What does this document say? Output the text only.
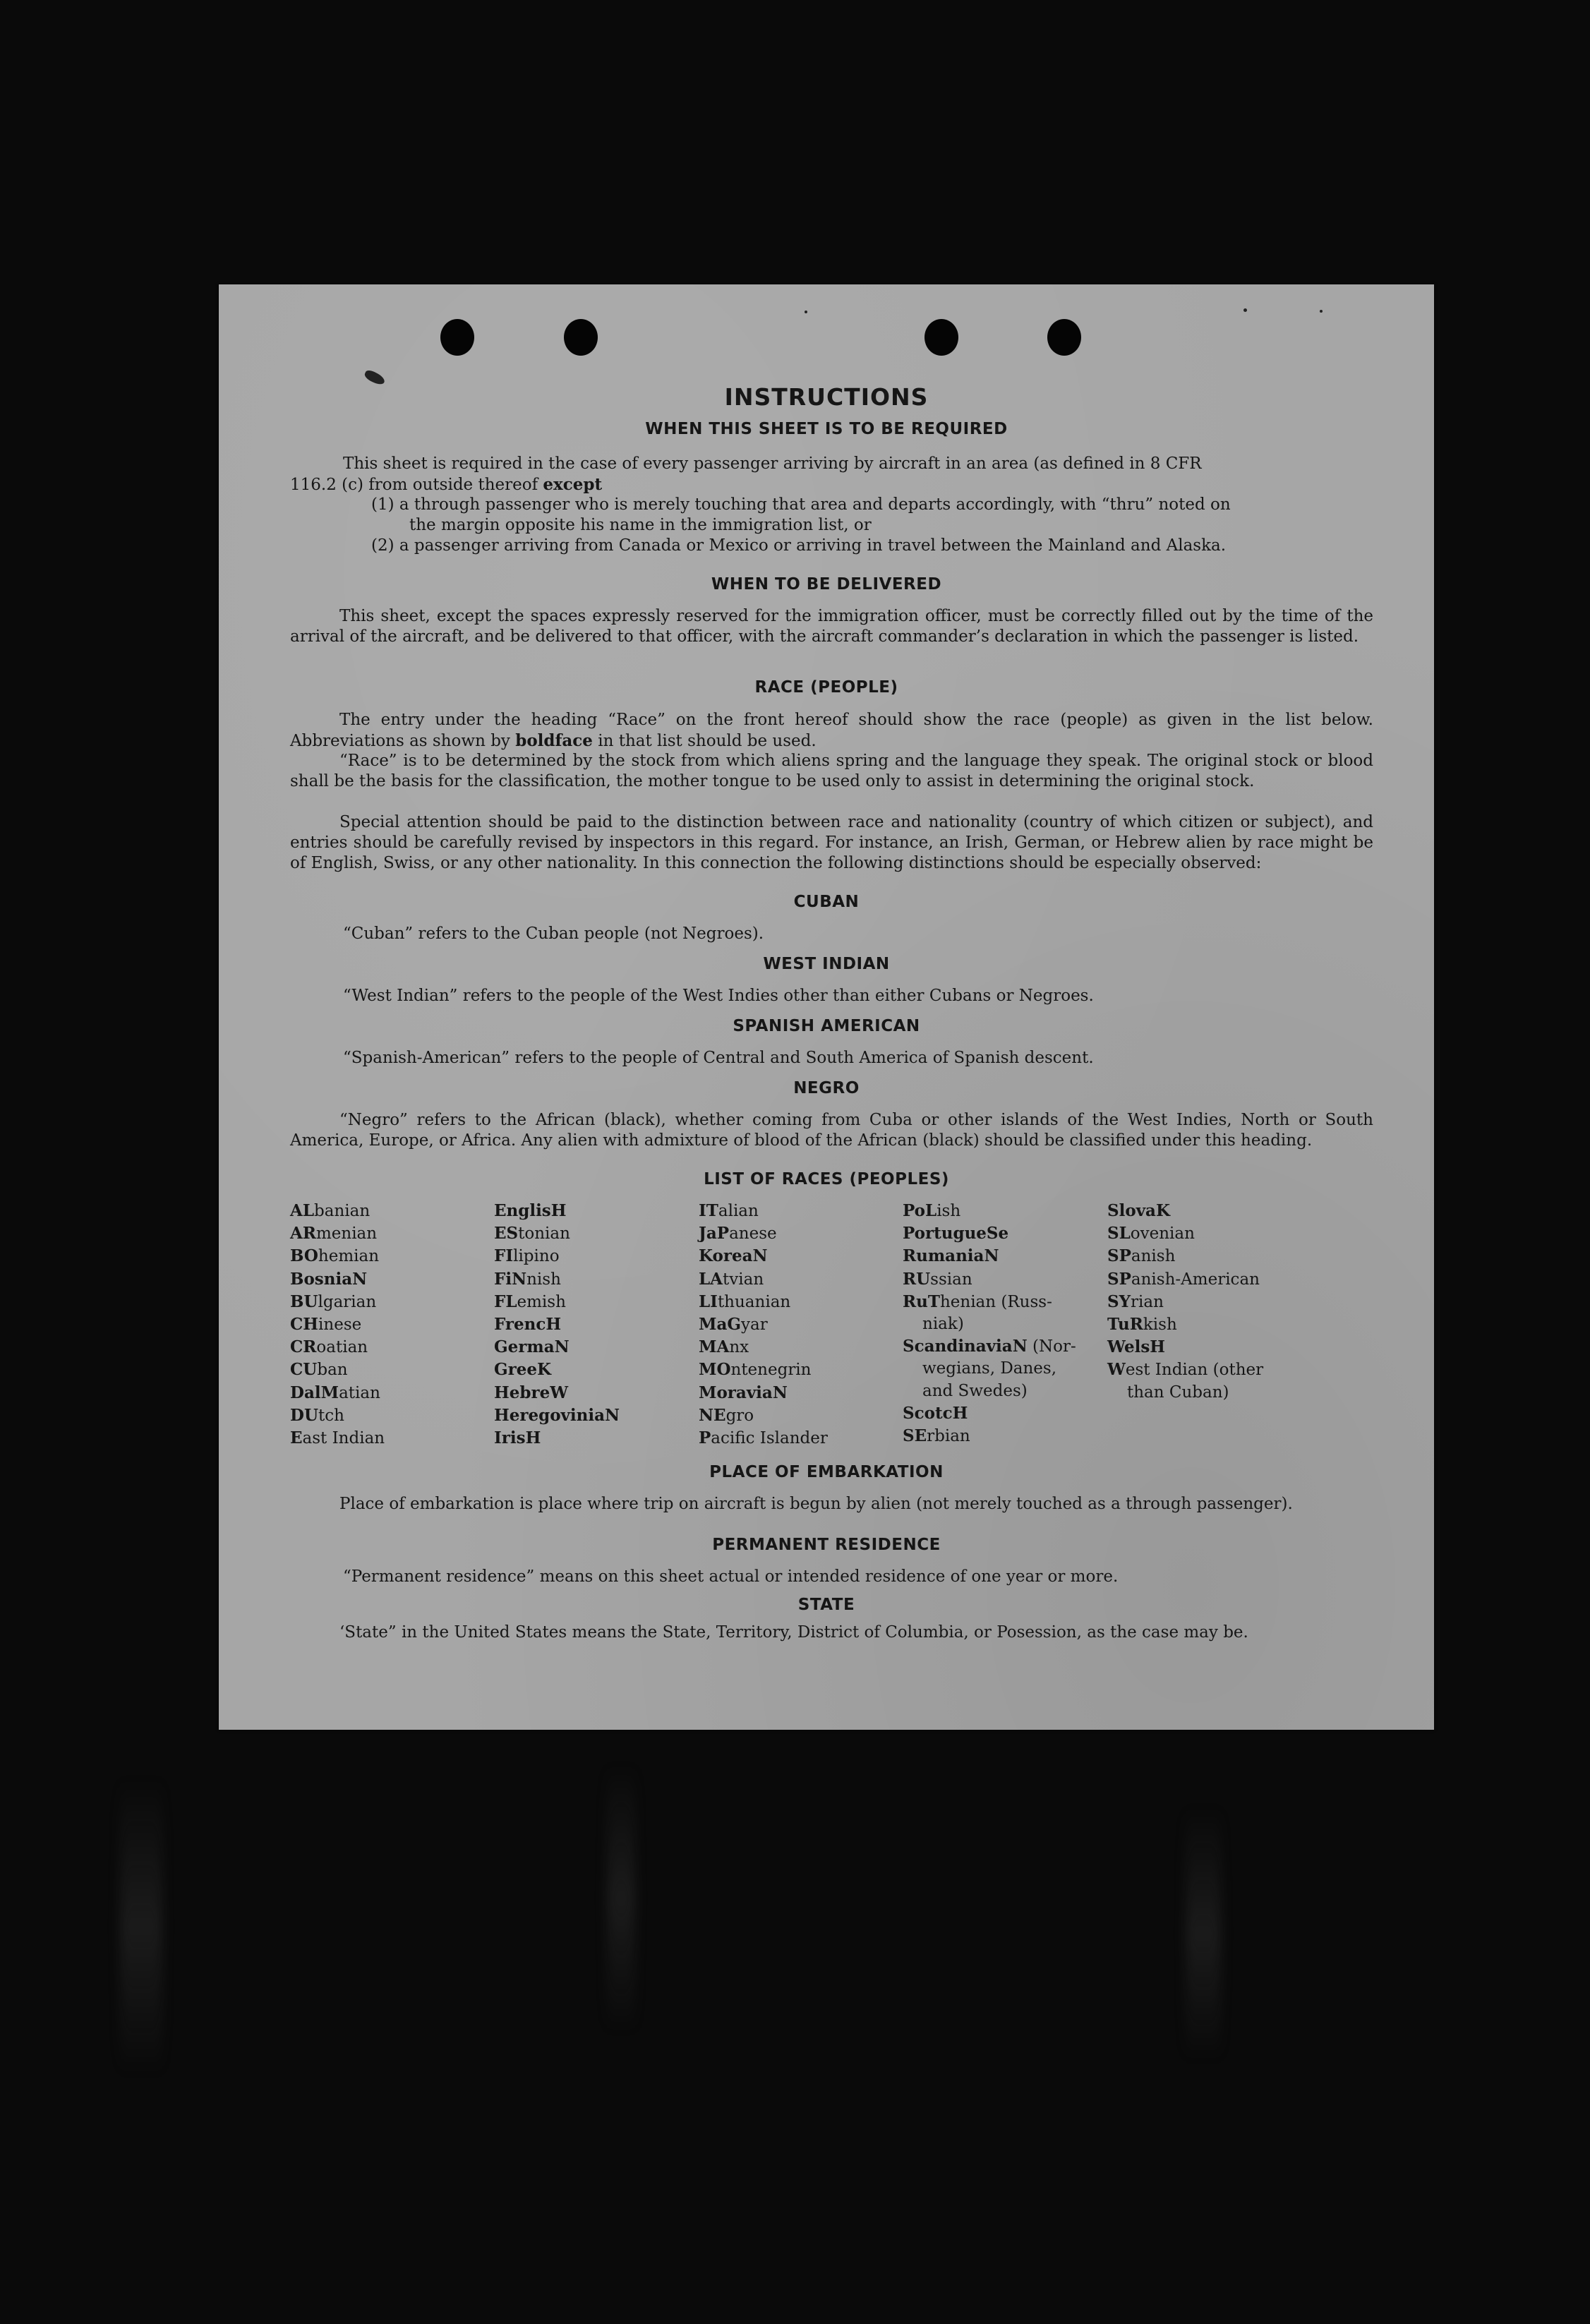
INSTRUCTIONS
WHEN THIS SHEET IS TO BE REQUIRED
This sheet is required in the case of every passenger arriving by aircraft in an area (as defined in 8 CFR
116.2 (c) from outside thereof except
(1) a through passenger who is merely touching that area and departs accordingly, with “thru” noted on
the margin opposite his name in the immigration list, or
(2) a passenger arriving from Canada or Mexico or arriving in travel between the Mainland and Alaska.
WHEN TO BE DELIVERED
This sheet, except the spaces expressly reserved for the immigration officer, must be correctly filled out by the time of the arrival of the aircraft, and be delivered to that officer, with the aircraft commander’s declaration in which the passenger is listed.
RACE (PEOPLE)
The entry under the heading “Race” on the front hereof should show the race (people) as given in the list below. Abbreviations as shown by boldface in that list should be used.
“Race” is to be determined by the stock from which aliens spring and the language they speak. The original stock or blood shall be the basis for the classification, the mother tongue to be used only to assist in determining the original stock.
Special attention should be paid to the distinction between race and nationality (country of which citizen or subject), and entries should be carefully revised by inspectors in this regard. For instance, an Irish, German, or Hebrew alien by race might be of English, Swiss, or any other nationality. In this connection the following distinctions should be especially observed:
CUBAN
“Cuban” refers to the Cuban people (not Negroes).
WEST INDIAN
“West Indian” refers to the people of the West Indies other than either Cubans or Negroes.
SPANISH AMERICAN
“Spanish-American” refers to the people of Central and South America of Spanish descent.
NEGRO
“Negro” refers to the African (black), whether coming from Cuba or other islands of the West Indies, North or South America, Europe, or Africa. Any alien with admixture of blood of the African (black) should be classified under this heading.
LIST OF RACES (PEOPLES)
ALbanian
ARmenian
BOhemian
BosniaN
BUlgarian
CHinese
CRoatian
CUban
DalMatian
DUtch
East Indian
EnglisH
EStonian
FIlipino
FiNnish
FLemish
FrencH
GermaN
GreeK
HebreW
HeregoviniaN
IrisH
ITalian
JaPanese
KoreaN
LAtvian
LIthuanian
MaGyar
MAnx
MOntenegrin
MoraviaN
NEgro
Pacific Islander
PoLish
PortugueSe
RumaniaN
RUssian
RuThenian (Russ-
niak)
ScandinaviaN (Nor-
wegians, Danes,
and Swedes)
ScotcH
SErbian
SlovaK
SLovenian
SPanish
SPanish-American
SYrian
TuRkish
WelsH
West Indian (other
than Cuban)
PLACE OF EMBARKATION
Place of embarkation is place where trip on aircraft is begun by alien (not merely touched as a through passenger).
PERMANENT RESIDENCE
“Permanent residence” means on this sheet actual or intended residence of one year or more.
STATE
‘State” in the United States means the State, Territory, District of Columbia, or Posession, as the case may be.
